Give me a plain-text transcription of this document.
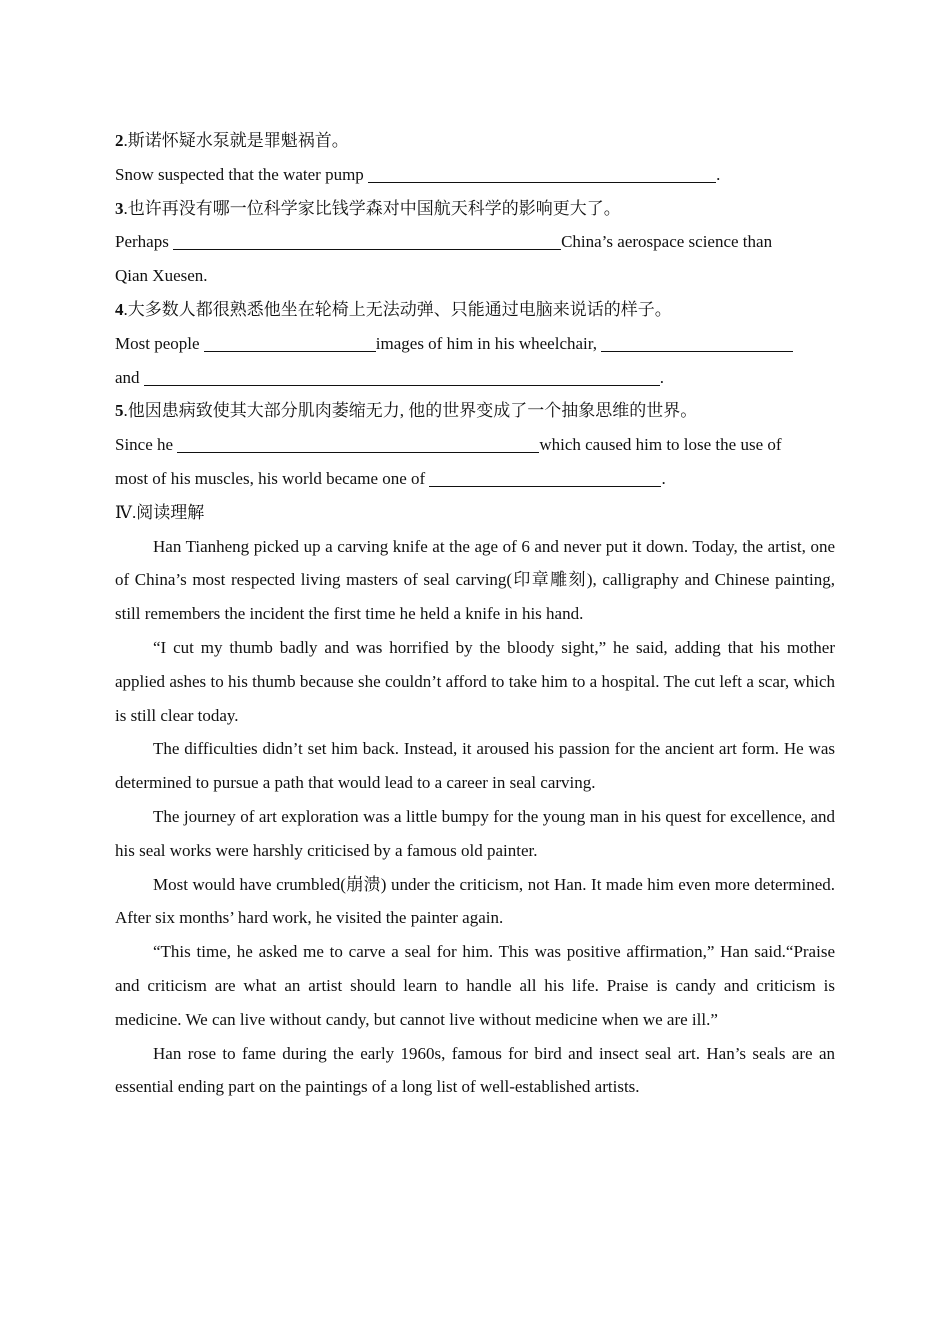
2.斯诺怀疑水泵就是罪魁祸首。
Snow suspected that the water pump	.
3.也许再没有哪一位科学家比钱学森对中国航天科学的影响更大了。
Perhaps	China’s aerospace science than
Qian Xuesen.
4.大多数人都很熟悉他坐在轮椅上无法动弹、只能通过电脑来说话的样子。
Most people	images of him in his wheelchair,
and	.
5.他因患病致使其大部分肌肉萎缩无力, 他的世界变成了一个抽象思维的世界。
Since he	which caused him to lose the use of
most of his muscles, his world became one of	.
Ⅳ.阅读理解

Han Tianheng picked up a carving knife at the age of 6 and never put it down. Today, the artist, one of China’s most respected living masters of seal carving(印章雕刻), calligraphy and Chinese painting, still remembers the incident the first time he held a knife in his hand.

“I cut my thumb badly and was horrified by the bloody sight,” he said, adding that his mother applied ashes to his thumb because she couldn’t afford to take him to a hospital. The cut left a scar, which is still clear today.

The difficulties didn’t set him back. Instead, it aroused his passion for the ancient art form. He was determined to pursue a path that would lead to a career in seal carving.

The journey of art exploration was a little bumpy for the young man in his quest for excellence, and his seal works were harshly criticised by a famous old painter.

Most would have crumbled(崩溃) under the criticism, not Han. It made him even more determined. After six months’ hard work, he visited the painter again.

“This time, he asked me to carve a seal for him. This was positive affirmation,” Han said.“Praise and criticism are what an artist should learn to handle all his life. Praise is candy and criticism is medicine. We can live without candy, but cannot live without medicine when we are ill.”

Han rose to fame during the early 1960s, famous for bird and insect seal art. Han’s seals are an essential ending part on the paintings of a long list of well-established artists.
